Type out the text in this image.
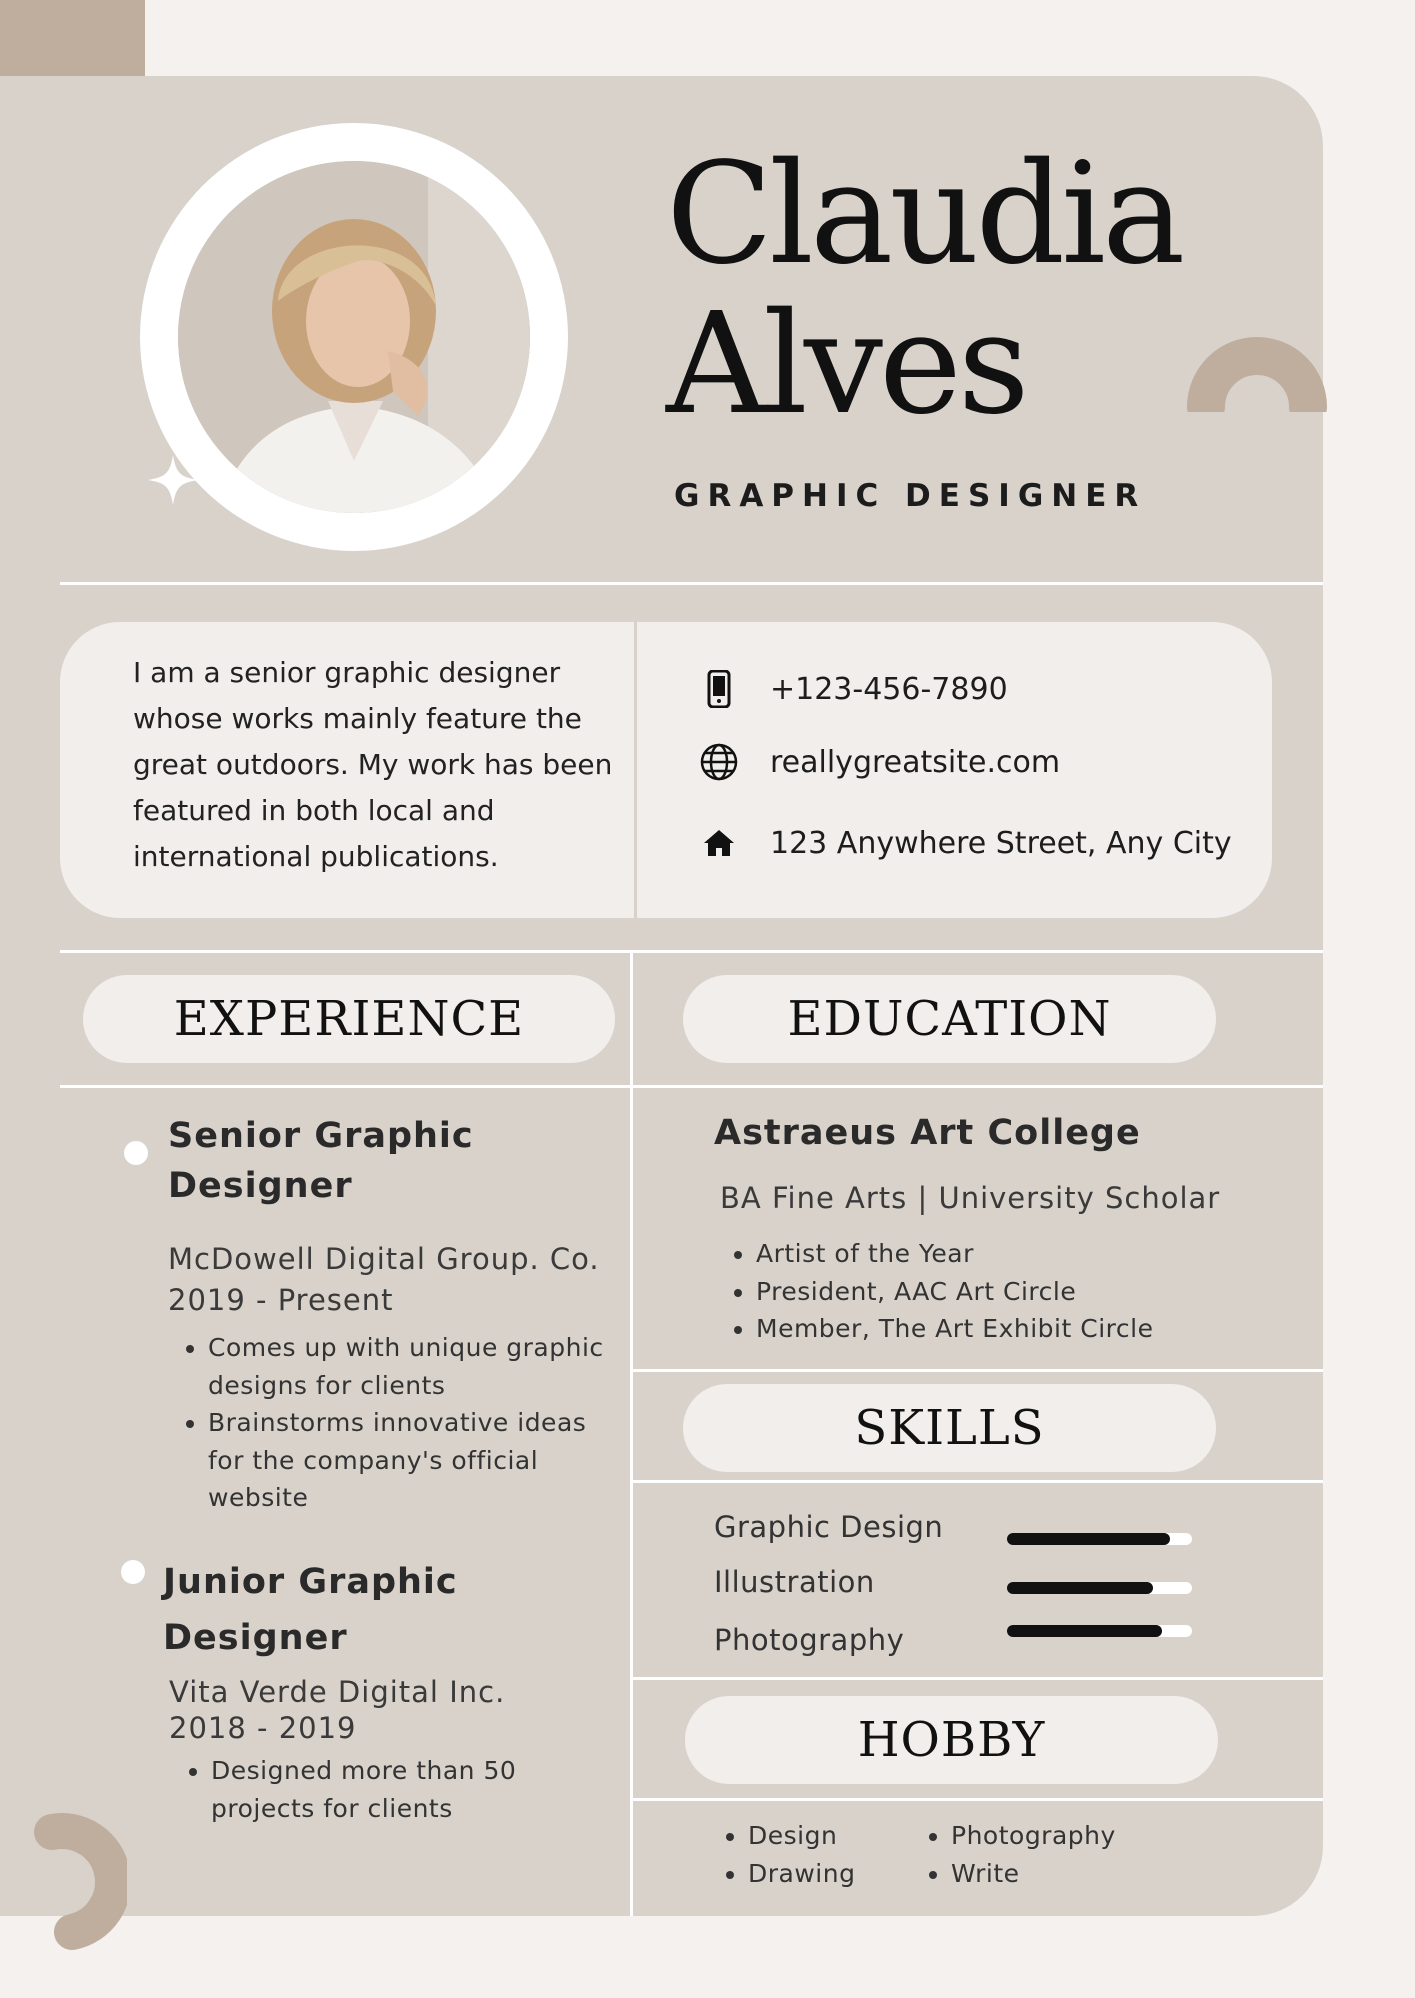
Claudia
Alves
GRAPHIC DESIGNER
I am a senior graphic designer whose works mainly feature the great outdoors. My work has been featured in both local and international publications.
+123-456-7890
reallygreatsite.com
123 Anywhere Street, Any City
EXPERIENCE	EDUCATION
SKILLS
HOBBY
Senior Graphic
Designer
McDowell Digital Group. Co.
2019 - Present
• Comes up with unique graphic
designs for clients
• Brainstorms innovative ideas
for the company's official
website
Junior Graphic
Designer
Vita Verde Digital Inc.
2018 - 2019
• Designed more than 50
projects for clients
Astraeus Art College
BA Fine Arts | University Scholar
• Artist of the Year
• President, AAC Art Circle
• Member, The Art Exhibit Circle
Graphic Design
Illustration
Photography
• Design
• Drawing
• Photography
• Write
